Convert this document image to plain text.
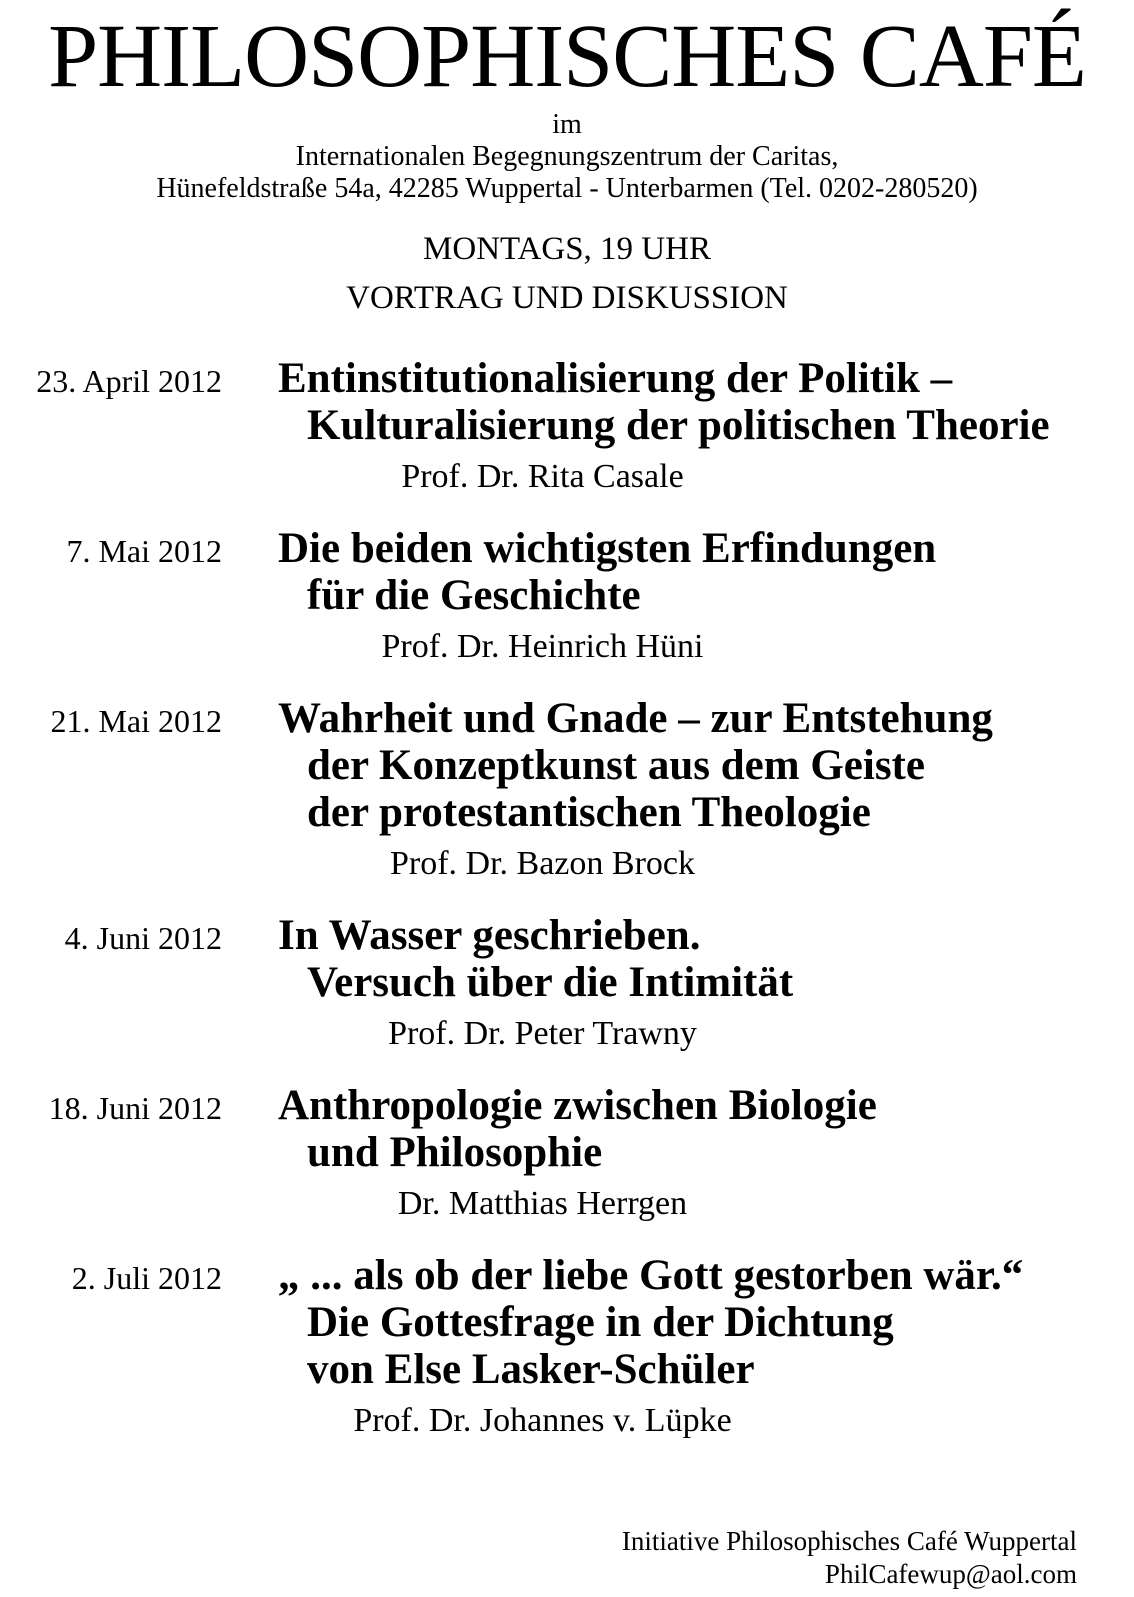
PHILOSOPHISCHES CAFÉ
im
Internationalen Begegnungszentrum der Caritas,
Hünefeldstraße 54a, 42285 Wuppertal - Unterbarmen (Tel. 0202-280520)
MONTAGS, 19 UHR
VORTRAG UND DISKUSSION
23. April 2012 Entinstitutionalisierung der Politik –
Kulturalisierung der politischen Theorie
Prof. Dr. Rita Casale
7. Mai 2012 Die beiden wichtigsten Erfindungen
für die Geschichte
Prof. Dr. Heinrich Hüni
21. Mai 2012 Wahrheit und Gnade – zur Entstehung
der Konzeptkunst aus dem Geiste
der protestantischen Theologie
Prof. Dr. Bazon Brock
4. Juni 2012 In Wasser geschrieben.
Versuch über die Intimität
Prof. Dr. Peter Trawny
18. Juni 2012 Anthropologie zwischen Biologie
und Philosophie
Dr. Matthias Herrgen
2. Juli 2012 „ ... als ob der liebe Gott gestorben wär.“
Die Gottesfrage in der Dichtung
von Else Lasker-Schüler
Prof. Dr. Johannes v. Lüpke
Initiative Philosophisches Café Wuppertal
PhilCafewup@aol.com
